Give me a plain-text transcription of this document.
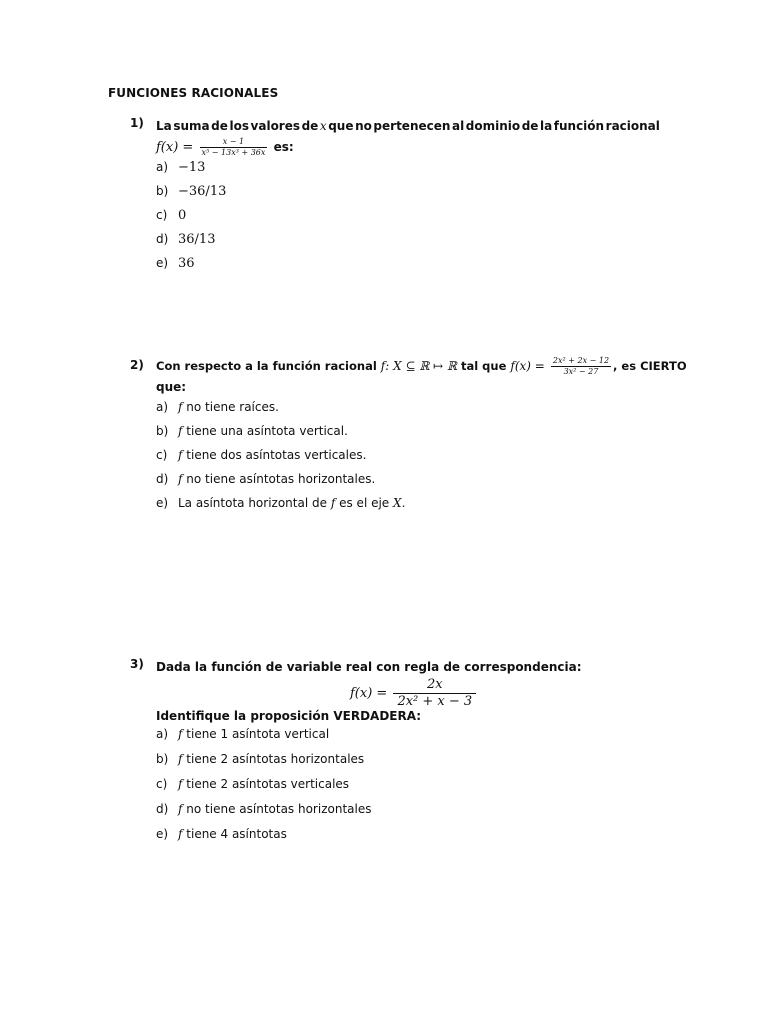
FUNCIONES RACIONALES
1)	La suma de los valores de x que no pertenecen al dominio de la función racional
$f(x) = \frac{x - 1}{\text{x⁵ − 13x³ + 36x}}$ es:
a) −13
b) −36/13
c) 0
d) 36/13
e) 36
2)	Con respecto a la función racional f: X ⊆ ℝ ↦ ℝ tal que $f(x) = \frac{\text{2x² + 2x − 12}}{\text{3x² − 27}}$ , es CIERTO
que:
a) f no tiene raíces.
b) f tiene una asíntota vertical.
c) f tiene dos asíntotas verticales.
d) f no tiene asíntotas horizontales.
e) La asíntota horizontal de f es el eje X.
3)	Dada la función de variable real con regla de correspondencia:
$f(x) = \frac{2x}{\text{2x² + x − 3}}$
Identifique la proposición VERDADERA:
a) f tiene 1 asíntota vertical
b) f tiene 2 asíntotas horizontales
c) f tiene 2 asíntotas verticales
d) f no tiene asíntotas horizontales
e) f tiene 4 asíntotas
